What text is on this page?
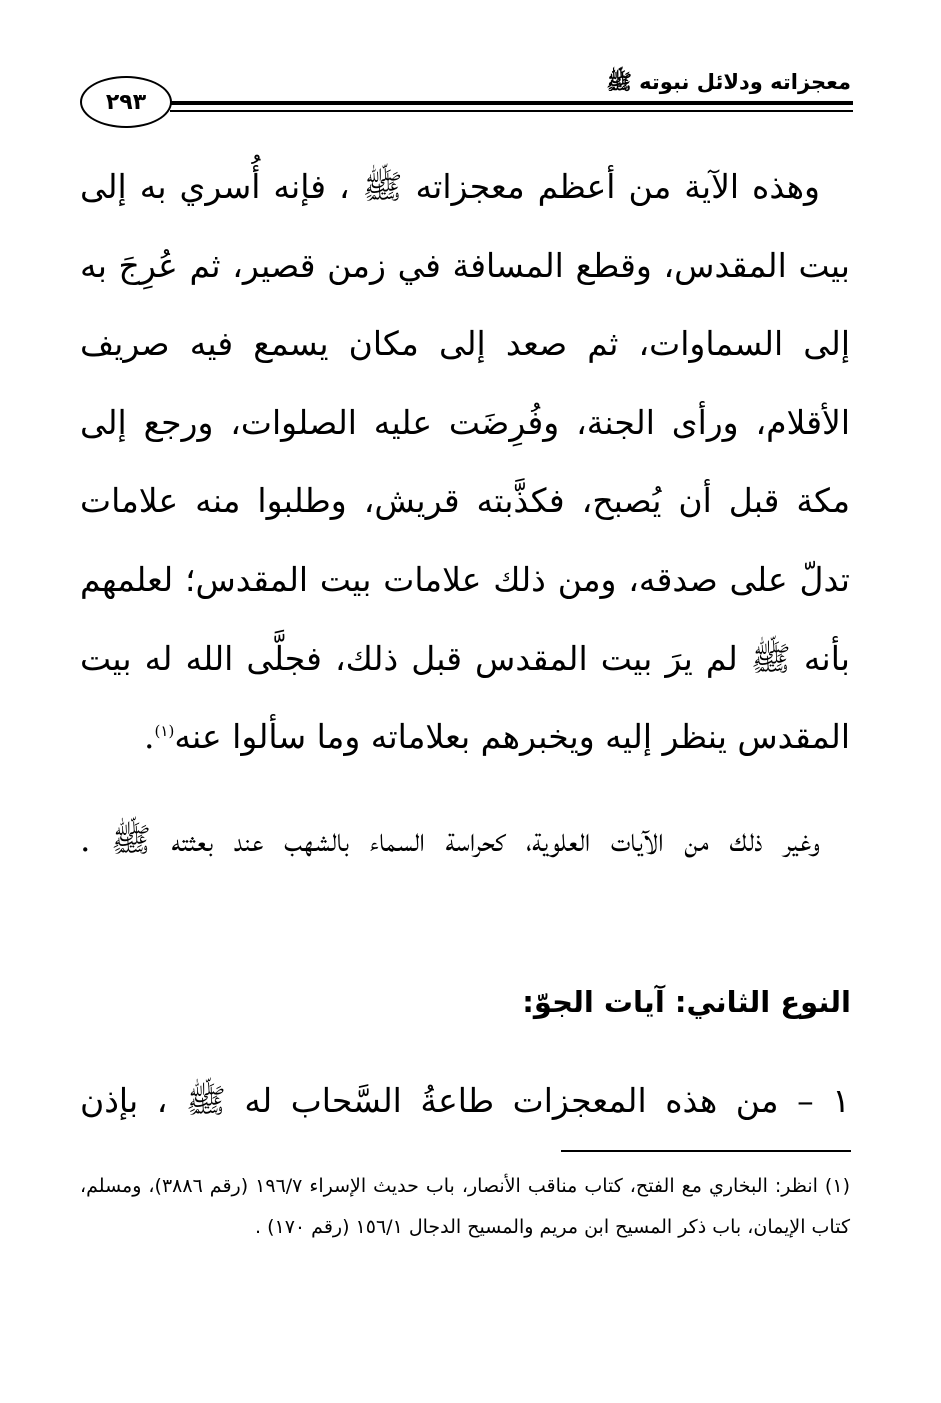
معجزاته ودلائل نبوته ﷺ
٢٩٣

وهذه الآية من أعظم معجزاته ﷺ ، فإنه أُسري به إلى بيت المقدس، وقطع المسافة في زمن قصير، ثم عُرِجَ به إلى السماوات، ثم صعد إلى مكان يسمع فيه صريف الأقلام، ورأى الجنة، وفُرِضَت عليه الصلوات، ورجع إلى مكة قبل أن يُصبح، فكذَّبته قريش، وطلبوا منه علامات تدلّ على صدقه، ومن ذلك علامات بيت المقدس؛ لعلمهم بأنه ﷺ لم يرَ بيت المقدس قبل ذلك، فجلَّى الله له بيت المقدس ينظر إليه ويخبرهم بعلاماته وما سألوا عنه$^{(١)}$.

وغير ذلك من الآيات العلوية، كحراسة السماء بالشهب عند بعثته ﷺ .

النوع الثاني: آيات الجوّ:
١ – من هذه المعجزات طاعةُ السَّحاب له ﷺ ، بإذن

(١) انظر: البخاري مع الفتح، كتاب مناقب الأنصار، باب حديث الإسراء ١٩٦/٧ (رقم ٣٨٨٦)، ومسلم، كتاب الإيمان، باب ذكر المسيح ابن مريم والمسيح الدجال ١٥٦/١ (رقم ١٧٠) .
